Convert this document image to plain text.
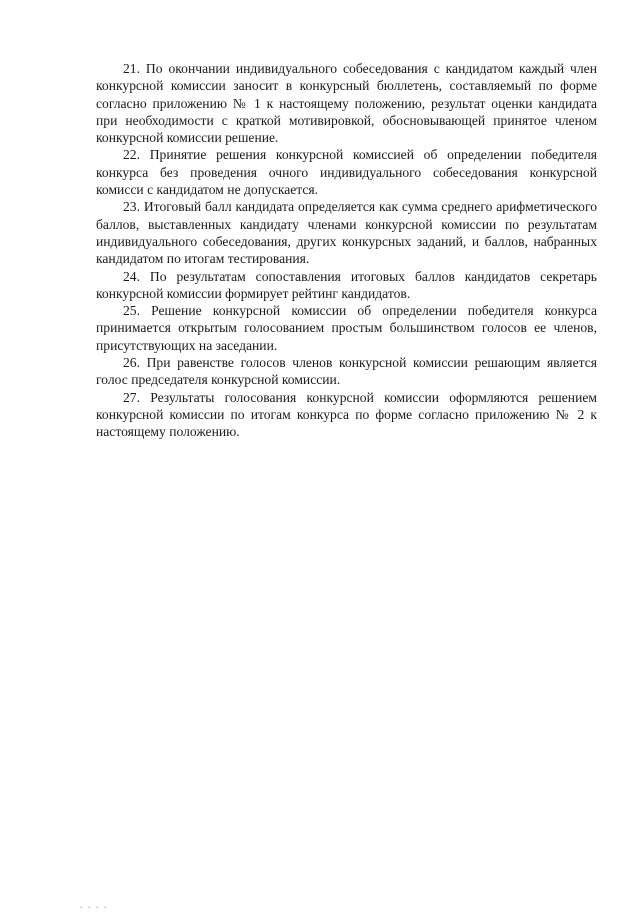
21. По окончании индивидуального собеседования с кандидатом каждый член конкурсной комиссии заносит в конкурсный бюллетень, составляемый по форме согласно приложению № 1 к настоящему положению, результат оценки кандидата при необходимости с краткой мотивировкой, обосновывающей принятое членом конкурсной комиссии решение.

22. Принятие решения конкурсной комиссией об определении победителя конкурса без проведения очного индивидуального собеседования конкурсной комисси с кандидатом не допускается.

23. Итоговый балл кандидата определяется как сумма среднего арифметического баллов, выставленных кандидату членами конкурсной комиссии по результатам индивидуального собеседования, других конкурсных заданий, и баллов, набранных кандидатом по итогам тестирования.

24. По результатам сопоставления итоговых баллов кандидатов секретарь конкурсной комиссии формирует рейтинг кандидатов.

25. Решение конкурсной комиссии об определении победителя конкурса принимается открытым голосованием простым большинством голосов ее членов, присутствующих на заседании.

26. При равенстве голосов членов конкурсной комиссии решающим является голос председателя конкурсной комиссии.

27. Результаты голосования конкурсной комиссии оформляются решением конкурсной комиссии по итогам конкурса по форме согласно приложению № 2 к настоящему положению.
